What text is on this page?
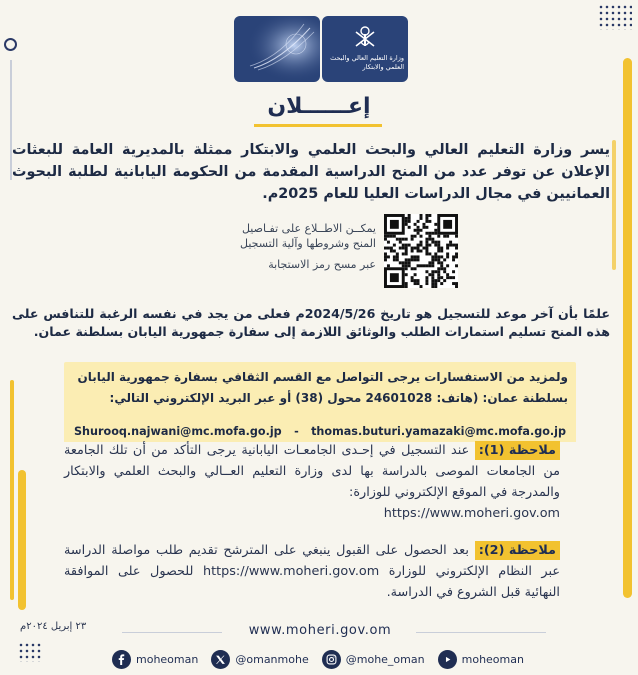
وزارة التعليم العالي والبحث العلمي والابتكار
إعــــــلان

يسر وزارة التعليم العالي والبحث العلمي والابتكار ممثلة بالمديرية العامة للبعثات الإعلان عن توفر عدد من المنح الدراسية المقدمة من الحكومة اليابانية لطلبة البحوث العمانيين في مجال الدراسات العليا للعام 2025م.

يمكــن الاطــلاع على تفـاصيل
المنح وشروطها وآلية التسجيل
عبر مسح رمز الاستجابة

علمًا بأن آخر موعد للتسجيل هو تاريخ 2024/5/26م فعلى من يجد في نفسه الرغبة للتنافس على هذه المنح تسليم استمارات الطلب والوثائق اللازمة إلى سفارة جمهورية اليابان بسلطنة عمان.

ولمزيد من الاستفسارات يرجى التواصل مع القسم الثقافي بسفارة جمهورية اليابان
بسلطنة عمان: (هاتف: 24601028 محول (38) أو عبر البريد الإلكتروني التالي:
Shurooq.najwani@mc.mofa.go.jp	-	thomas.buturi.yamazaki@mc.mofa.go.jp
ملاحظة (1): عند التسجيل في إحـدى الجامعـات اليابانية يرجى التأكد من أن تلك الجامعة من الجامعات الموصى بالدراسة بها لدى وزارة التعليم العــالي والبحث العلمي والابتكار والمدرجة في الموقع الإلكتروني للوزارة:
https://www.moheri.gov.om
ملاحظة (2): بعد الحصول على القبول ينبغي على المترشح تقديم طلب مواصلة الدراسة عبر النظام الإلكتروني للوزارة https://www.moheri.gov.om للحصول على الموافقة النهائية قبل الشروع في الدراسة.
٢٣ إبريل ٢٠٢٤م	www.moheri.gov.om
moheoman	@omanmohe	@mohe_oman	moheoman
